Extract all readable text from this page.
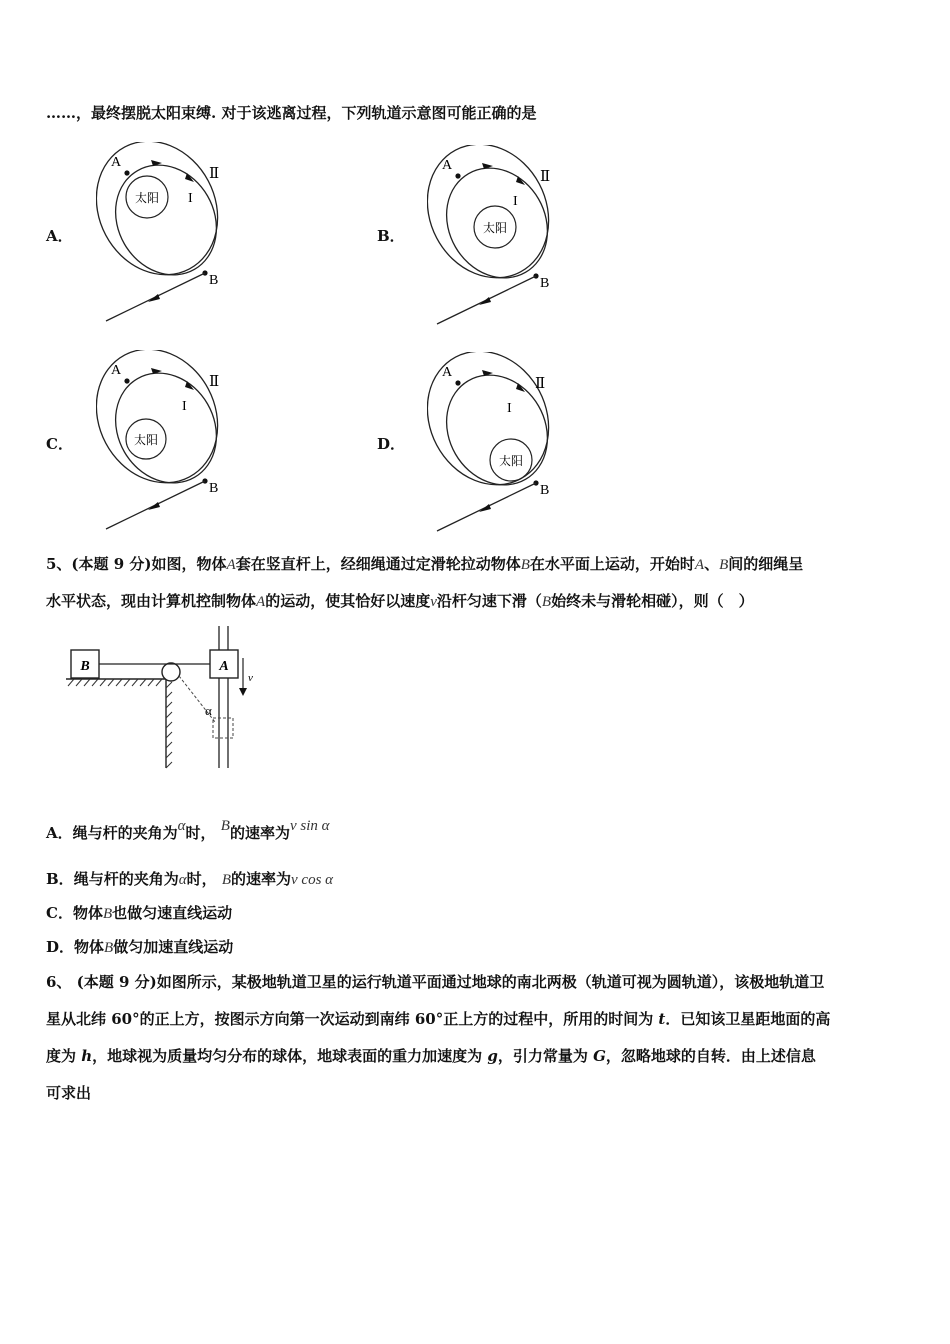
……，最终摆脱太阳束缚. 对于该逃离过程，下列轨道示意图可能正确的是
A．	B．
C．	D．
太阳
A
B
I
Ⅱ
太阳
A
B
I
Ⅱ
太阳
A
B
I
Ⅱ
太阳
A
B
I
Ⅱ
5、(本题 9 分)如图，物体A套在竖直杆上，经细绳通过定滑轮拉动物体B在水平面上运动，开始时A、B间的细绳呈
水平状态，现由计算机控制物体A的运动，使其恰好以速度v沿杆匀速下滑（B始终未与滑轮相碰），则（　）
B	A
α
v
A．绳与杆的夹角为α时， B的速率为v sin α
B．绳与杆的夹角为α时， B的速率为v cos α
C．物体B也做匀速直线运动
D．物体B做匀加速直线运动
6、 (本题 9 分)如图所示，某极地轨道卫星的运行轨道平面通过地球的南北两极（轨道可视为圆轨道），该极地轨道卫
星从北纬 60°的正上方，按图示方向第一次运动到南纬 60°正上方的过程中，所用的时间为 t．已知该卫星距地面的高
度为 h，地球视为质量均匀分布的球体，地球表面的重力加速度为 g，引力常量为 G，忽略地球的自转．由上述信息
可求出
